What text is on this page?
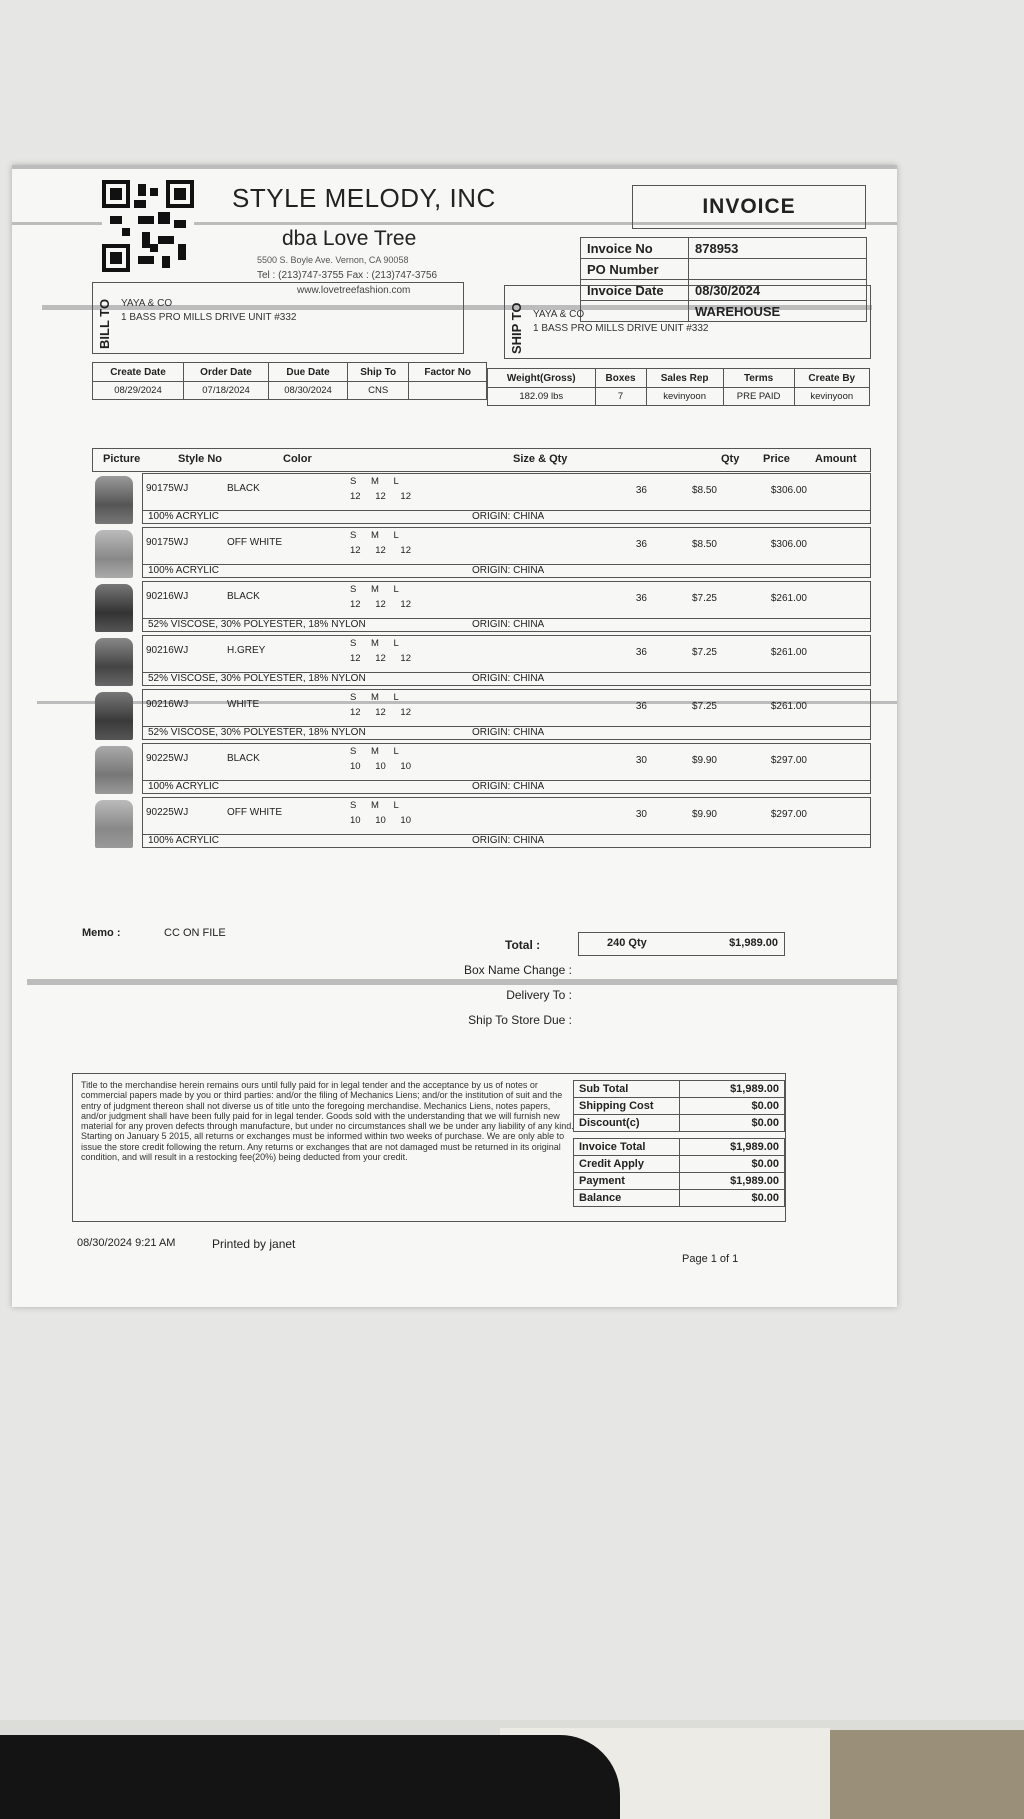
STYLE MELODY, INC
dba Love Tree
5500 S. Boyle Ave. Vernon, CA 90058
Tel : (213)747-3755 Fax : (213)747-3756
www.lovetreefashion.com
INVOICE
Invoice No	878953
PO Number	
Invoice Date	08/30/2024
	WAREHOUSE
BILL TO YAYA & CO
1 BASS PRO MILLS DRIVE UNIT #332	SHIP TO YAYA & CO
1 BASS PRO MILLS DRIVE UNIT #332
Create Date	Order Date	Due Date	Ship To	Factor No
08/29/2024	07/18/2024	08/30/2024	CNS	
Weight(Gross)	Boxes	Sales Rep	Terms	Create By
182.09 lbs	7	kevinyoon	PRE PAID	kevinyoon
Picture	Style No	Color	Size & Qty	Qty Price Amount
90175WJ	BLACK
S M L
12 12 12
36	$8.50	$306.00
100% ACRYLIC	ORIGIN: CHINA
90175WJ	OFF WHITE
S M L
12 12 12
36	$8.50	$306.00
100% ACRYLIC	ORIGIN: CHINA
90216WJ	BLACK
S M L
12 12 12
36	$7.25	$261.00
52% VISCOSE, 30% POLYESTER, 18% NYLON	ORIGIN: CHINA
90216WJ	H.GREY
S M L
12 12 12
36	$7.25	$261.00
52% VISCOSE, 30% POLYESTER, 18% NYLON	ORIGIN: CHINA
90216WJ	WHITE
S M L
12 12 12
36	$7.25	$261.00
52% VISCOSE, 30% POLYESTER, 18% NYLON	ORIGIN: CHINA
90225WJ	BLACK
S M L
10 10 10
30	$9.90	$297.00
100% ACRYLIC	ORIGIN: CHINA
90225WJ	OFF WHITE
S M L
10 10 10
30	$9.90	$297.00
100% ACRYLIC	ORIGIN: CHINA
Memo :	CC ON FILE
Total :	240 Qty	$1,989.00
Box Name Change :
Delivery To :
Ship To Store Due :
Title to the merchandise herein remains ours until fully paid for in legal tender and the acceptance by us of notes or commercial papers made by you or third parties: and/or the filing of Mechanics Liens; and/or the institution of suit and the entry of judgment thereon shall not diverse us of title unto the foregoing merchandise. Mechanics Liens, notes papers, and/or judgment shall have been fully paid for in legal tender. Goods sold with the understanding that we will furnish new material for any proven defects through manufacture, but under no circumstances shall we be under any liability of any kind. Starting on January 5 2015, all returns or exchanges must be informed within two weeks of purchase. We are only able to issue the store credit following the return. Any returns or exchanges that are not damaged must be returned in its original condition, and will result in a restocking fee(20%) being deducted from your credit.
Sub Total	$1,989.00
Shipping Cost	$0.00
Discount(c)	$0.00

Invoice Total	$1,989.00
Credit Apply	$0.00
Payment	$1,989.00
Balance	$0.00
08/30/2024 9:21 AM	Printed by janet
Page 1 of 1
